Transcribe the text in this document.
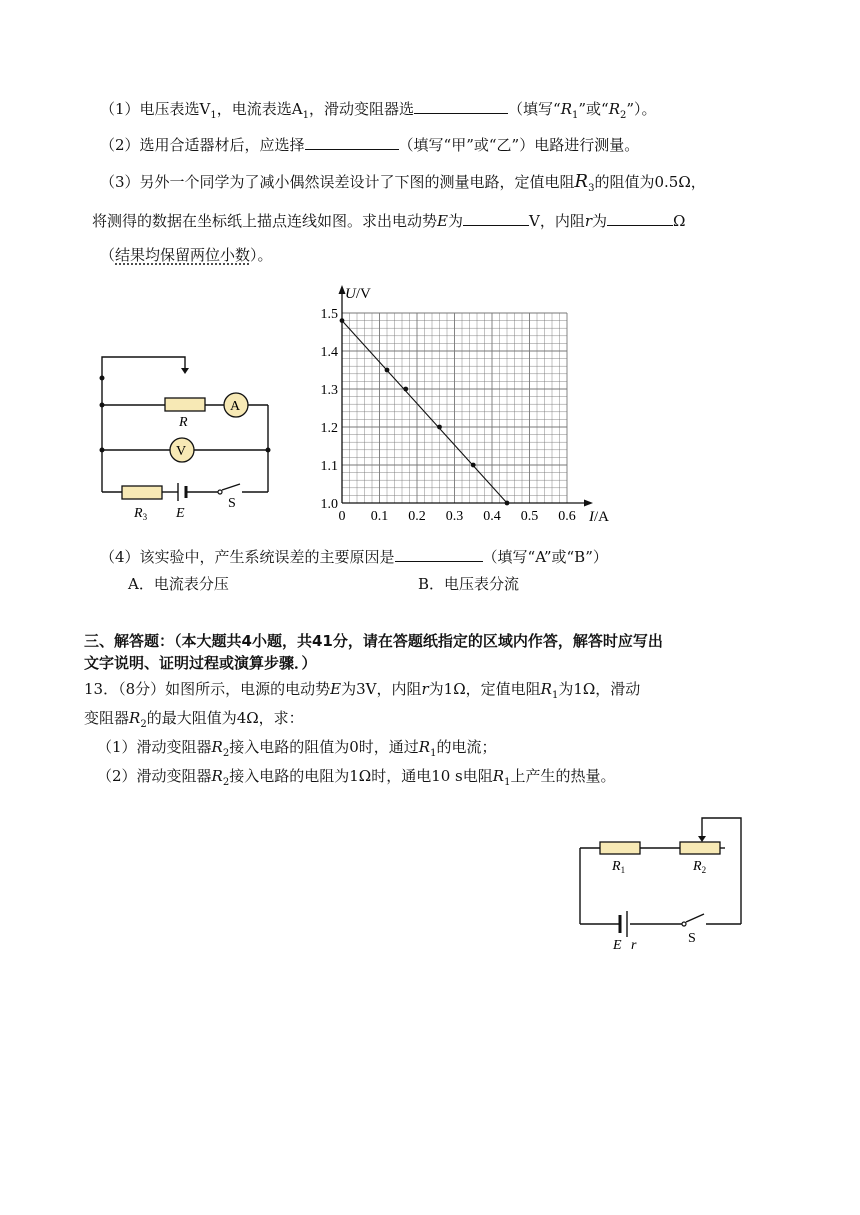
（1）电压表选$V_1$，电流表选$A_1$，滑动变阻器选	（填写“$R_1$”或“$R_2$”）。
（2）选用合适器材后，应选择	（填写“甲”或“乙”）电路进行测量。
（3）另外一个同学为了减小偶然误差设计了下图的测量电路，定值电阻$R_3$的阻值为0.5Ω，
将测得的数据在坐标纸上描点连线如图。求出电动势E为	V，内阻r为	Ω
（结果均保留两位小数）。
A
V
R
$R_3$ E
S
0 0.1 0.2 0.3 0.4 0.5 0.6
1.0
1.1
1.2
1.3
1.4
1.5
U/V
I/A
（4）该实验中，产生系统误差的主要原因是	（填写“A”或“B”）
A．电流表分压	B．电压表分流
三、解答题：（本大题共4小题，共41分，请在答题纸指定的区域内作答，解答时应写出
文字说明、证明过程或演算步骤．）
13．（8分）如图所示，电源的电动势E为3V，内阻r为1Ω，定值电阻$R_1$为1Ω，滑动
变阻器$R_2$的最大阻值为4Ω，求：
（1）滑动变阻器$R_2$接入电路的阻值为0时，通过$R_1$的电流；
（2）滑动变阻器$R_2$接入电路的电阻为1Ω时，通电10 s电阻$R_1$上产生的热量。
$R_1$	$R_2$
E r	S
